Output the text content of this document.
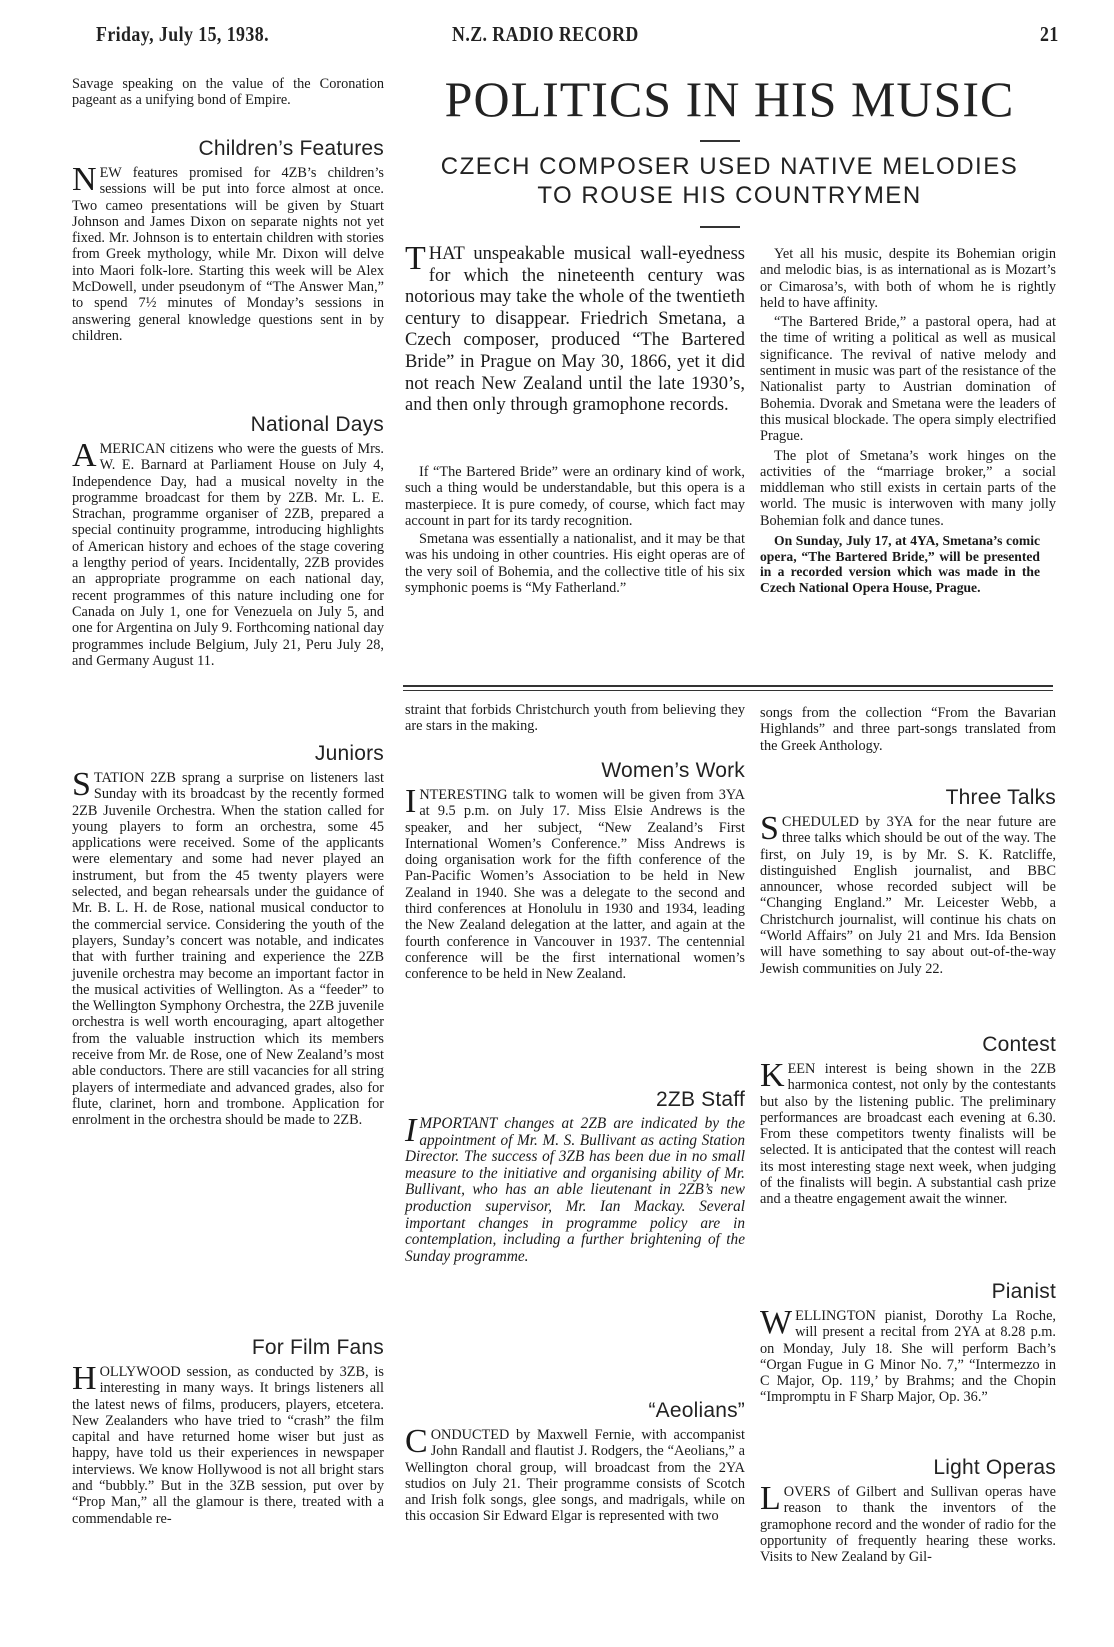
Friday, July 15, 1938.	N.Z. RADIO RECORD	21

Savage speaking on the value of the Coronation pageant as a unifying bond of Empire.

Children’s Features

NEW features promised for 4ZB’s children’s sessions will be put into force almost at once. Two cameo presentations will be given by Stuart Johnson and James Dixon on separate nights not yet fixed. Mr. Johnson is to entertain children with stories from Greek mythology, while Mr. Dixon will delve into Maori folk-lore. Starting this week will be Alex McDowell, under pseudonym of “The Answer Man,” to spend 7½ minutes of Monday’s sessions in answering general knowledge questions sent in by children.

National Days

AMERICAN citizens who were the guests of Mrs. W. E. Barnard at Parliament House on July 4, Independence Day, had a musical novelty in the programme broadcast for them by 2ZB. Mr. L. E. Strachan, programme organiser of 2ZB, prepared a special continuity programme, introducing highlights of American history and echoes of the stage covering a lengthy period of years. Incidentally, 2ZB provides an appropriate programme on each national day, recent programmes of this nature including one for Canada on July 1, one for Venezuela on July 5, and one for Argentina on July 9. Forthcoming national day programmes include Belgium, July 21, Peru July 28, and Germany August 11.

Juniors

STATION 2ZB sprang a surprise on listeners last Sunday with its broadcast by the recently formed 2ZB Juvenile Orchestra. When the station called for young players to form an orchestra, some 45 applications were received. Some of the applicants were elementary and some had never played an instrument, but from the 45 twenty players were selected, and began rehearsals under the guidance of Mr. B. L. H. de Rose, national musical conductor to the commercial service. Considering the youth of the players, Sunday’s concert was notable, and indicates that with further training and experience the 2ZB juvenile orchestra may become an important factor in the musical activities of Wellington. As a “feeder” to the Wellington Symphony Orchestra, the 2ZB juvenile orchestra is well worth encouraging, apart altogether from the valuable instruction which its members receive from Mr. de Rose, one of New Zealand’s most able conductors. There are still vacancies for all string players of intermediate and advanced grades, also for flute, clarinet, horn and trombone. Application for enrolment in the orchestra should be made to 2ZB.

For Film Fans

HOLLYWOOD session, as conducted by 3ZB, is interesting in many ways. It brings listeners all the latest news of films, producers, players, etcetera. New Zealanders who have tried to “crash” the film capital and have returned home wiser but just as happy, have told us their experiences in newspaper interviews. We know Hollywood is not all bright stars and “bubbly.” But in the 3ZB session, put over by “Prop Man,” all the glamour is there, treated with a commendable re-

POLITICS IN HIS MUSIC
CZECH COMPOSER USED NATIVE MELODIES
TO ROUSE HIS COUNTRYMEN

THAT unspeakable musical wall-eyedness for which the nineteenth century was notorious may take the whole of the twentieth century to disappear. Friedrich Smetana, a Czech composer, produced “The Bartered Bride” in Prague on May 30, 1866, yet it did not reach New Zealand until the late 1930’s, and then only through gramophone records.

If “The Bartered Bride” were an ordinary kind of work, such a thing would be understandable, but this opera is a masterpiece. It is pure comedy, of course, which fact may account in part for its tardy recognition.

Smetana was essentially a nationalist, and it may be that was his undoing in other countries. His eight operas are of the very soil of Bohemia, and the collective title of his six symphonic poems is “My Fatherland.”

Yet all his music, despite its Bohemian origin and melodic bias, is as international as is Mozart’s or Cimarosa’s, with both of whom he is rightly held to have affinity.

“The Bartered Bride,” a pastoral opera, had at the time of writing a political as well as musical significance. The revival of native melody and sentiment in music was part of the resistance of the Nationalist party to Austrian domination of Bohemia. Dvorak and Smetana were the leaders of this musical blockade. The opera simply electrified Prague.

The plot of Smetana’s work hinges on the activities of the “marriage broker,” a social middleman who still exists in certain parts of the world. The music is interwoven with many jolly Bohemian folk and dance tunes.

On Sunday, July 17, at 4YA, Smetana’s comic opera, “The Bartered Bride,” will be presented in a recorded version which was made in the Czech National Opera House, Prague.

straint that forbids Christchurch youth from believing they are stars in the making.

Women’s Work

INTERESTING talk to women will be given from 3YA at 9.5 p.m. on July 17. Miss Elsie Andrews is the speaker, and her subject, “New Zealand’s First International Women’s Conference.” Miss Andrews is doing organisation work for the fifth conference of the Pan-Pacific Women’s Association to be held in New Zealand in 1940. She was a delegate to the second and third conferences at Honolulu in 1930 and 1934, leading the New Zealand delegation at the latter, and again at the fourth conference in Vancouver in 1937. The centennial conference will be the first international women’s conference to be held in New Zealand.

2ZB Staff

IMPORTANT changes at 2ZB are indicated by the appointment of Mr. M. S. Bullivant as acting Station Director. The success of 3ZB has been due in no small measure to the initiative and organising ability of Mr. Bullivant, who has an able lieutenant in 2ZB’s new production supervisor, Mr. Ian Mackay. Several important changes in programme policy are in contemplation, including a further brightening of the Sunday programme.

“Aeolians”

CONDUCTED by Maxwell Fernie, with accompanist John Randall and flautist J. Rodgers, the “Aeolians,” a Wellington choral group, will broadcast from the 2YA studios on July 21. Their programme consists of Scotch and Irish folk songs, glee songs, and madrigals, while on this occasion Sir Edward Elgar is represented with two

songs from the collection “From the Bavarian Highlands” and three part-songs translated from the Greek Anthology.

Three Talks

SCHEDULED by 3YA for the near future are three talks which should be out of the way. The first, on July 19, is by Mr. S. K. Ratcliffe, distinguished English journalist, and BBC announcer, whose recorded subject will be “Changing England.” Mr. Leicester Webb, a Christchurch journalist, will continue his chats on “World Affairs” on July 21 and Mrs. Ida Bension will have something to say about out-of-the-way Jewish communities on July 22.

Contest

KEEN interest is being shown in the 2ZB harmonica contest, not only by the contestants but also by the listening public. The preliminary performances are broadcast each evening at 6.30. From these competitors twenty finalists will be selected. It is anticipated that the contest will reach its most interesting stage next week, when judging of the finalists will begin. A substantial cash prize and a theatre engagement await the winner.

Pianist

WELLINGTON pianist, Dorothy La Roche, will present a recital from 2YA at 8.28 p.m. on Monday, July 18. She will perform Bach’s “Organ Fugue in G Minor No. 7,” “Intermezzo in C Major, Op. 119,’ by Brahms; and the Chopin “Impromptu in F Sharp Major, Op. 36.”

Light Operas

LOVERS of Gilbert and Sullivan operas have reason to thank the inventors of the gramophone record and the wonder of radio for the opportunity of frequently hearing these works. Visits to New Zealand by Gil-
